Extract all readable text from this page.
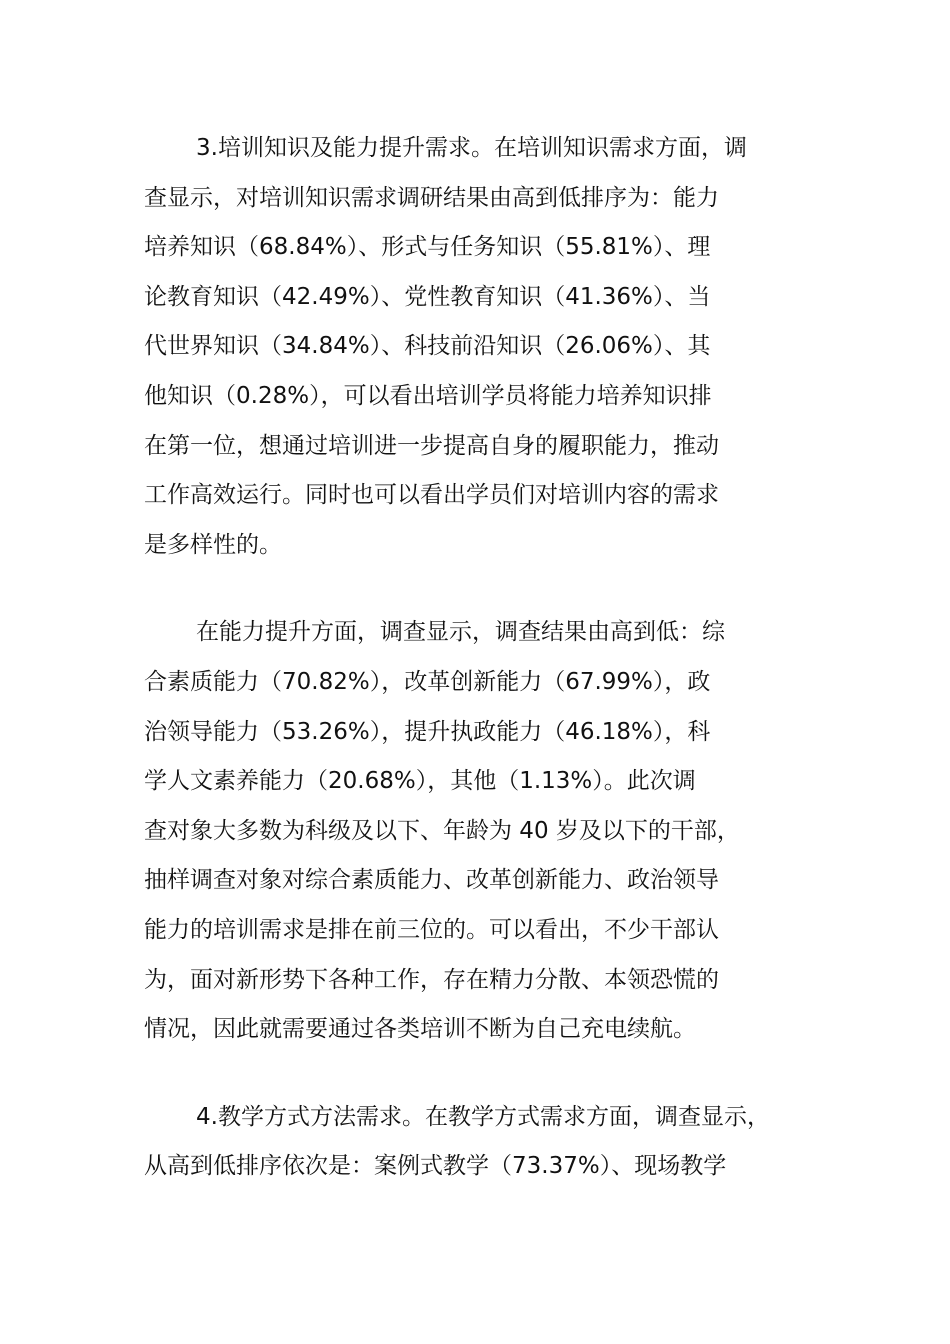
3.培训知识及能力提升需求。在培训知识需求方面，调
查显示，对培训知识需求调研结果由高到低排序为：能力
培养知识（68.84%）、形式与任务知识（55.81%）、理
论教育知识（42.49%）、党性教育知识（41.36%）、当
代世界知识（34.84%）、科技前沿知识（26.06%）、其
他知识（0.28%），可以看出培训学员将能力培养知识排
在第一位，想通过培训进一步提高自身的履职能力，推动
工作高效运行。同时也可以看出学员们对培训内容的需求
是多样性的。
在能力提升方面，调查显示，调查结果由高到低：综
合素质能力（70.82%），改革创新能力（67.99%），政
治领导能力（53.26%），提升执政能力（46.18%），科
学人文素养能力（20.68%），其他（1.13%）。此次调
查对象大多数为科级及以下、年龄为 40 岁及以下的干部，
抽样调查对象对综合素质能力、改革创新能力、政治领导
能力的培训需求是排在前三位的。可以看出，不少干部认
为，面对新形势下各种工作，存在精力分散、本领恐慌的
情况，因此就需要通过各类培训不断为自己充电续航。
4.教学方式方法需求。在教学方式需求方面，调查显示，
从高到低排序依次是：案例式教学（73.37%）、现场教学
